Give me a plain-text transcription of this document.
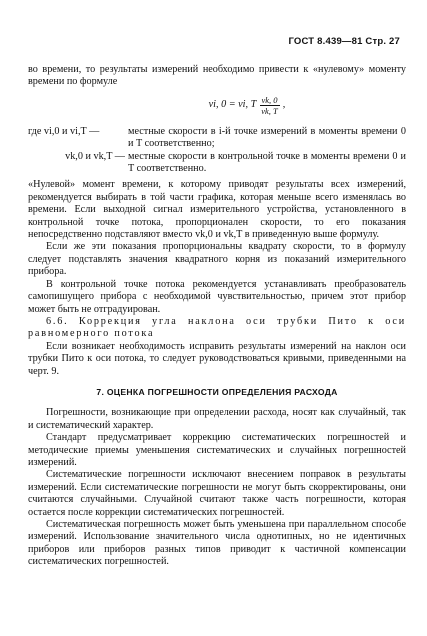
ГОСТ 8.439—81 Стр. 27

во времени, то результаты измерений необходимо привести к «нулевому» моменту времени по формуле

vi, 0 = vi, T $\frac{vk, 0}{vk, T}$ ,
где vi,0 и vi,T —	местные скорости в i-й точке измерений в моменты времени 0 и T соответственно;
vk,0 и vk,T — местные скорости в контрольной точке в моменты времени 0 и T соответственно.

«Нулевой» момент времени, к которому приводят результаты всех измерений, рекомендуется выбирать в той части графика, которая меньше всего изменялась во времени. Если выходной сигнал измерительного устройства, установленного в контрольной точке потока, пропорционален скорости, то его показания непосредственно подставляют вместо vk,0 и vk,T в приведенную выше формулу.

Если же эти показания пропорциональны квадрату скорости, то в формулу следует подставлять значения квадратного корня из показаний измерительного прибора.

В контрольной точке потока рекомендуется устанавливать преобразователь самопишущего прибора с необходимой чувствительностью, причем этот прибор может быть не отградуирован.

6.6. Коррекция угла наклона оси трубки Пито к оси равномерного потока

Если возникает необходимость исправить результаты измерений на наклон оси трубки Пито к оси потока, то следует руководствоваться кривыми, приведенными на черт. 9.

7. ОЦЕНКА ПОГРЕШНОСТИ ОПРЕДЕЛЕНИЯ РАСХОДА

Погрешности, возникающие при определении расхода, носят как случайный, так и систематический характер.

Стандарт предусматривает коррекцию систематических погрешностей и методические приемы уменьшения систематических и случайных погрешностей измерений.

Систематические погрешности исключают внесением поправок в результаты измерений. Если систематические погрешности не могут быть скорректированы, они считаются случайными. Случайной считают также часть погрешности, которая остается после коррекции систематических погрешностей.

Систематическая погрешность может быть уменьшена при параллельном способе измерений. Использование значительного числа однотипных, но не идентичных приборов или приборов разных типов приводит к частичной компенсации систематических погрешностей.
